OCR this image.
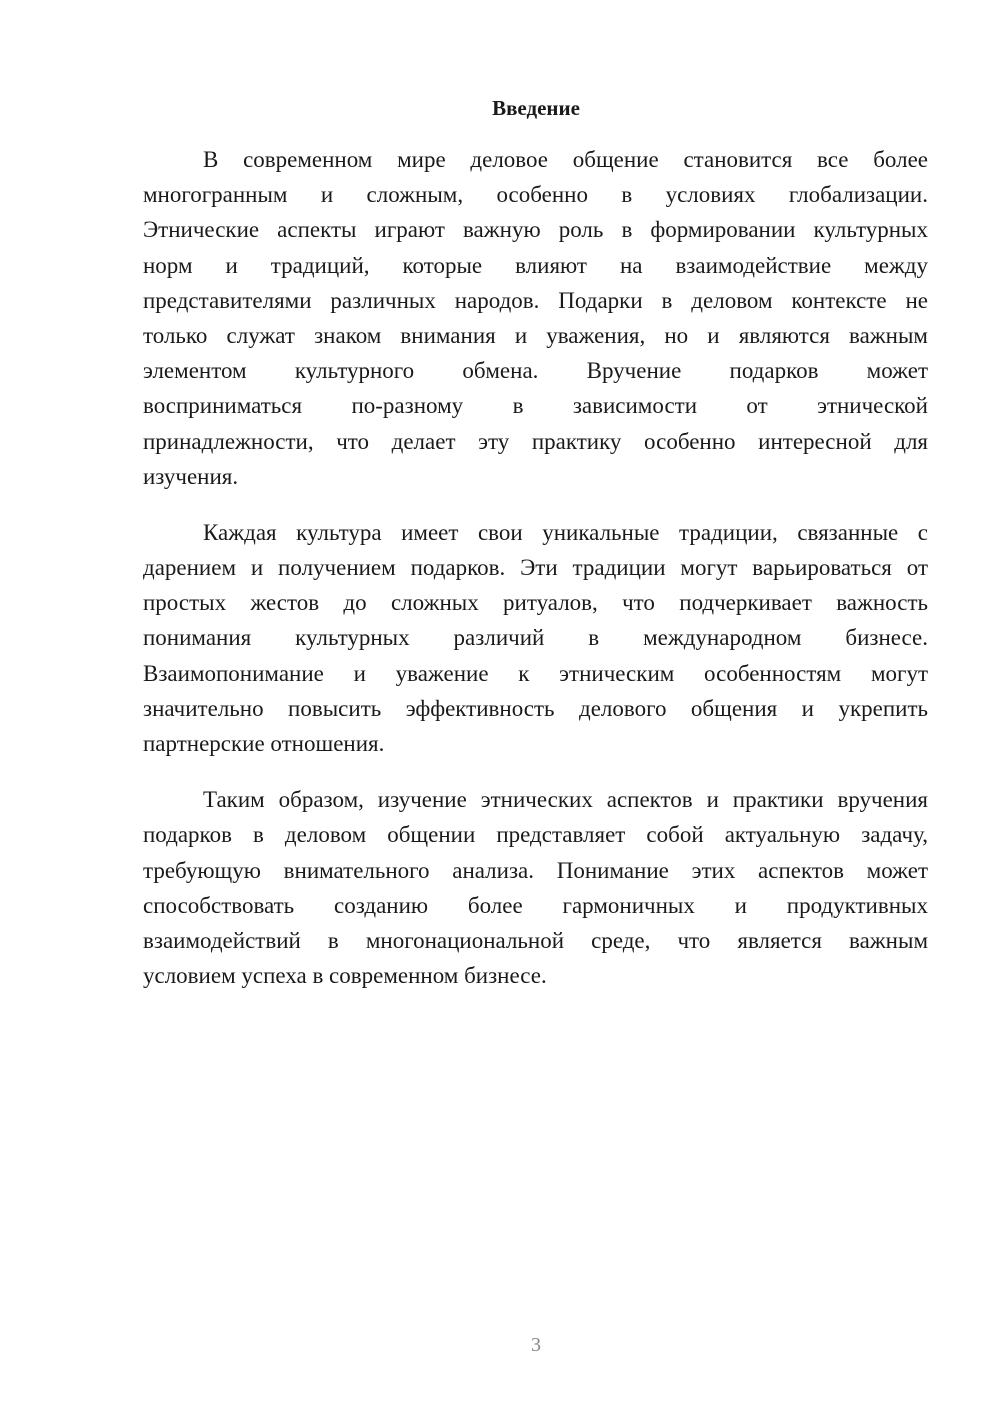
Введение
В современном мире деловое общение становится все более
многогранным и сложным, особенно в условиях глобализации.
Этнические аспекты играют важную роль в формировании культурных
норм и традиций, которые влияют на взаимодействие между
представителями различных народов. Подарки в деловом контексте не
только служат знаком внимания и уважения, но и являются важным
элементом культурного обмена. Вручение подарков может
восприниматься по-разному в зависимости от этнической
принадлежности, что делает эту практику особенно интересной для
изучения.
Каждая культура имеет свои уникальные традиции, связанные с
дарением и получением подарков. Эти традиции могут варьироваться от
простых жестов до сложных ритуалов, что подчеркивает важность
понимания культурных различий в международном бизнесе.
Взаимопонимание и уважение к этническим особенностям могут
значительно повысить эффективность делового общения и укрепить
партнерские отношения.
Таким образом, изучение этнических аспектов и практики вручения
подарков в деловом общении представляет собой актуальную задачу,
требующую внимательного анализа. Понимание этих аспектов может
способствовать созданию более гармоничных и продуктивных
взаимодействий в многонациональной среде, что является важным
условием успеха в современном бизнесе.
3
